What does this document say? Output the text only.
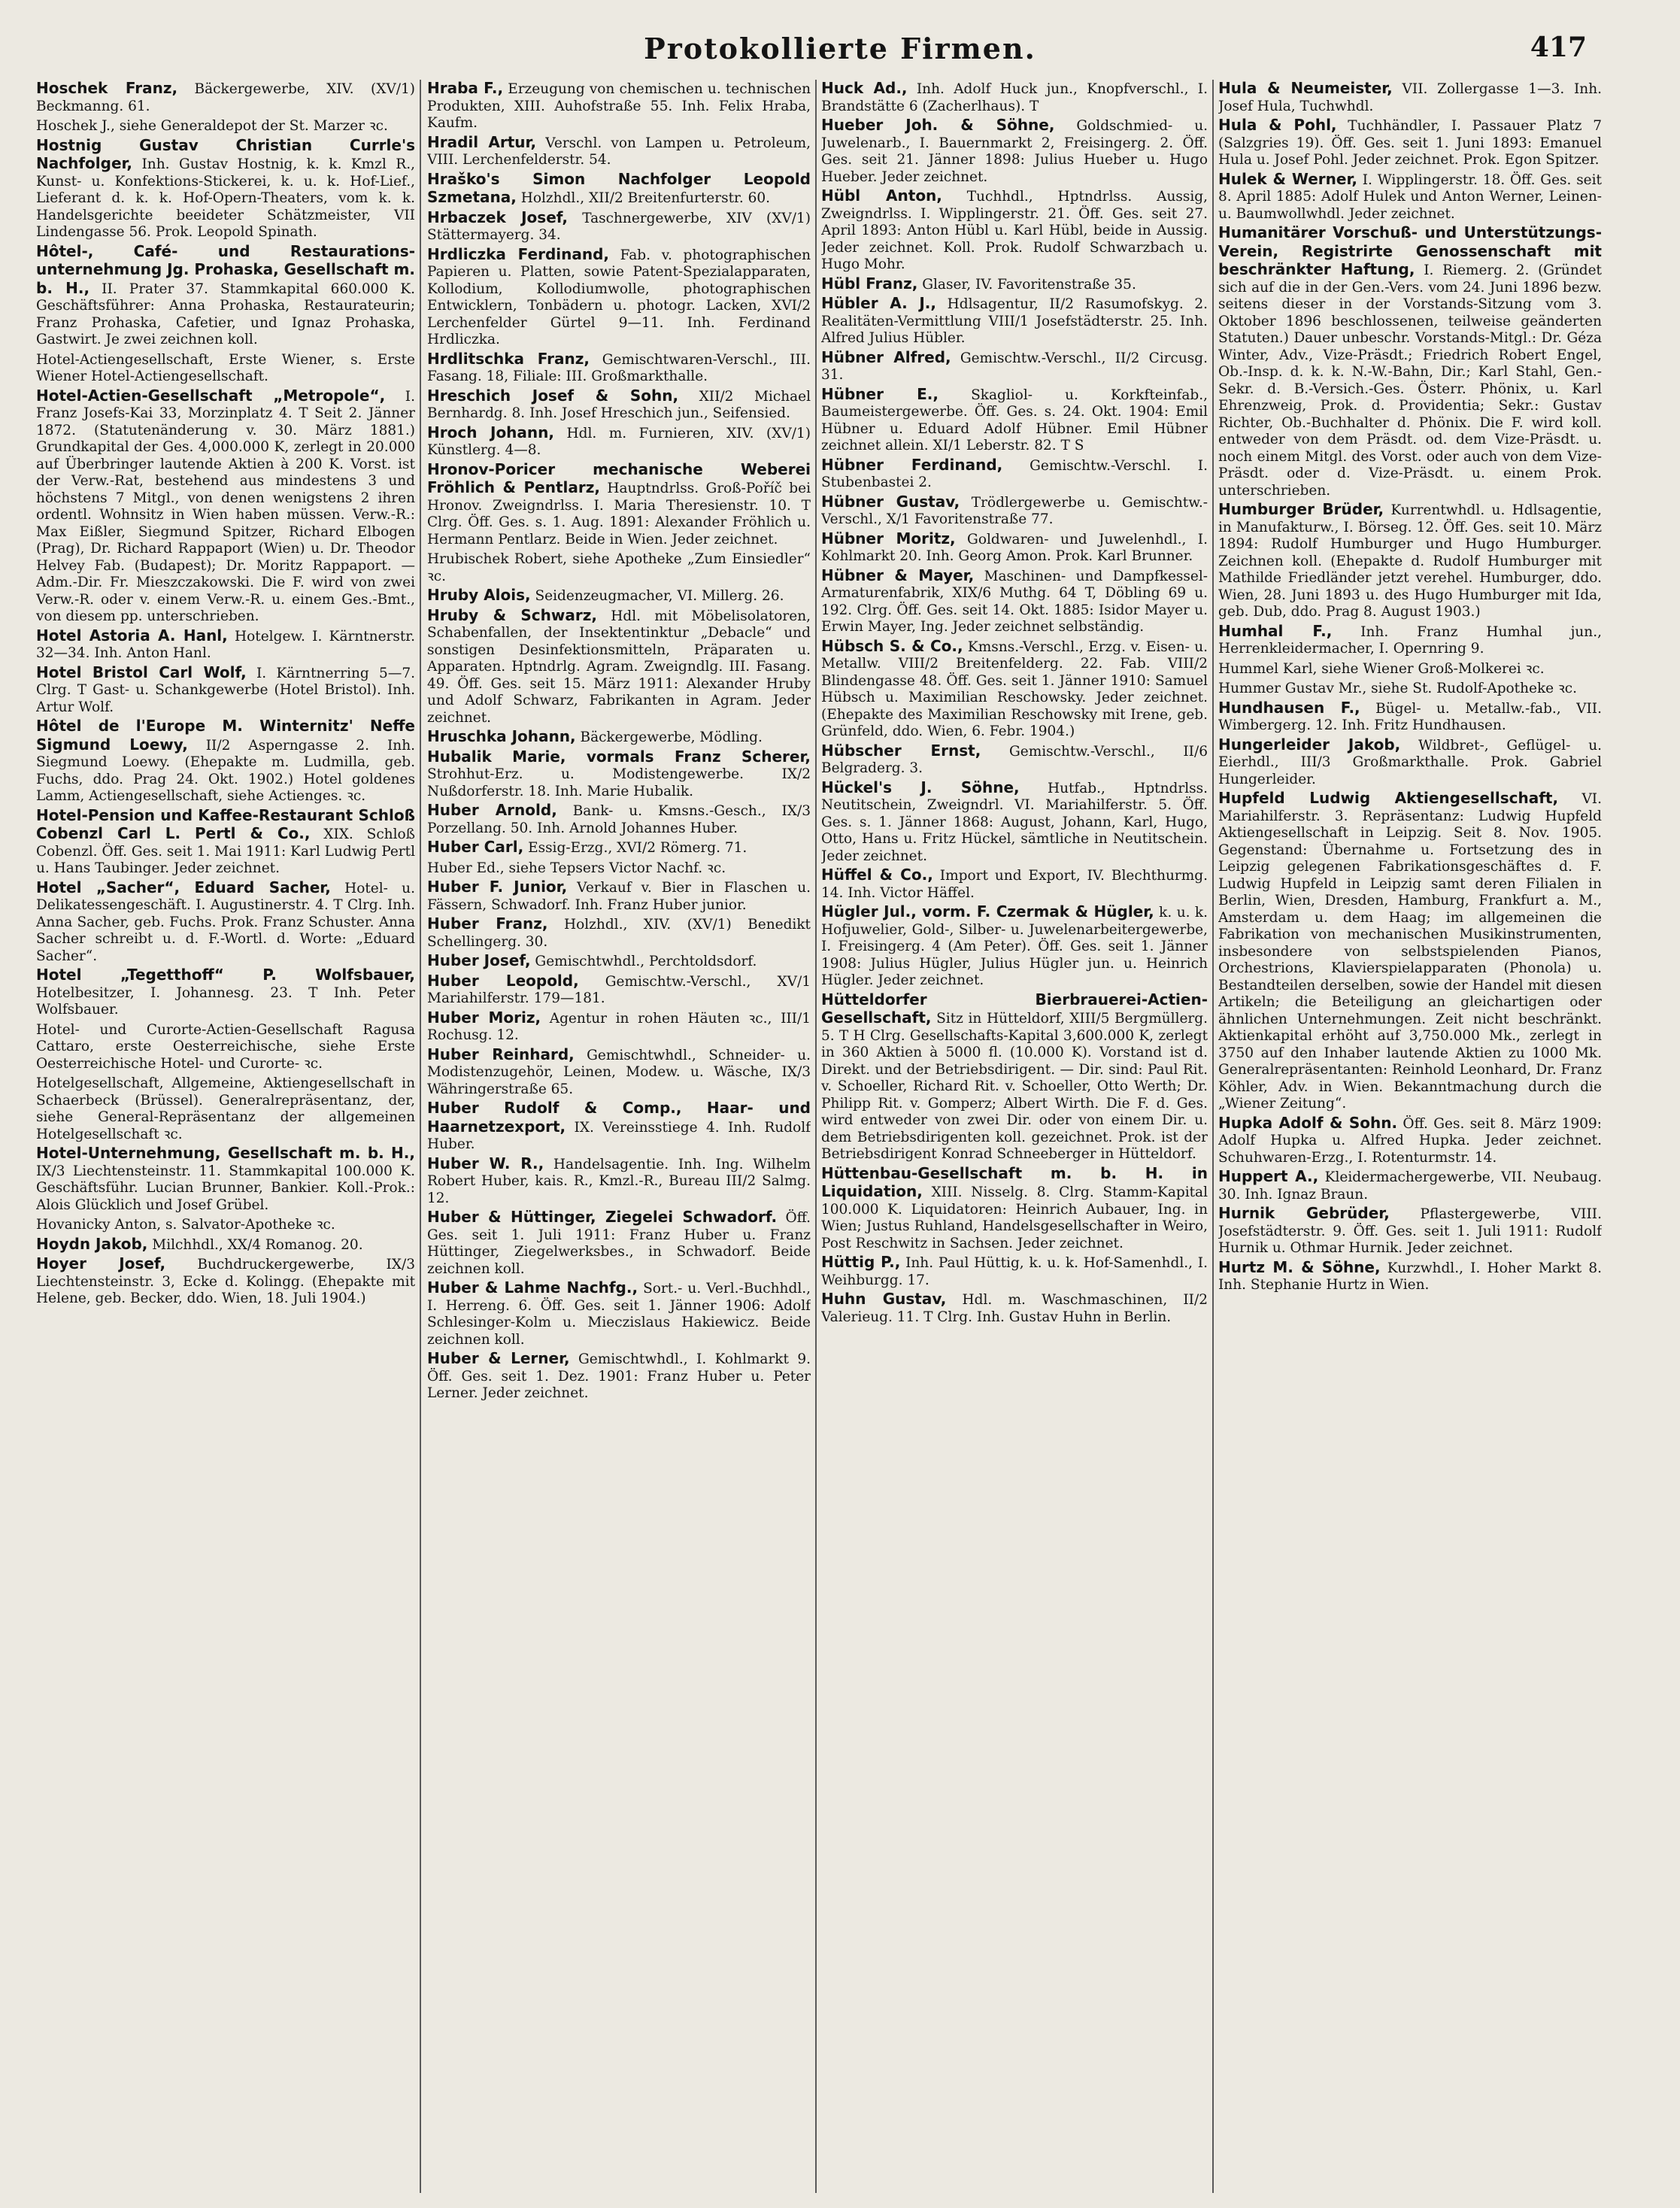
Protokollierte Firmen.	417

Hoschek Franz, Bäckergewerbe, XIV. (XV/1) Beckmanng. 61.

Hoschek J., siehe Generaldepot der St. Marzer ꝛc.

Hostnig Gustav Christian Currle's Nachfolger, Inh. Gustav Hostnig, k. k. Kmzl R., Kunst- u. Konfektions-Stickerei, k. u. k. Hof-Lief., Lieferant d. k. k. Hof-Opern-Theaters, vom k. k. Handelsgerichte beeideter Schätzmeister, VII Lindengasse 56. Prok. Leopold Spinath.

Hôtel-, Café- und Restaurations-unternehmung Jg. Prohaska, Gesellschaft m. b. H., II. Prater 37. Stammkapital 660.000 K. Geschäftsführer: Anna Prohaska, Restaurateurin; Franz Prohaska, Cafetier, und Ignaz Prohaska, Gastwirt. Je zwei zeichnen koll.

Hotel-Actiengesellschaft, Erste Wiener, s. Erste Wiener Hotel-Actiengesellschaft.

Hotel-Actien-Gesellschaft „Metropole“, I. Franz Josefs-Kai 33, Morzinplatz 4. T Seit 2. Jänner 1872. (Statutenänderung v. 30. März 1881.) Grundkapital der Ges. 4,000.000 K, zerlegt in 20.000 auf Überbringer lautende Aktien à 200 K. Vorst. ist der Verw.-Rat, bestehend aus mindestens 3 und höchstens 7 Mitgl., von denen wenigstens 2 ihren ordentl. Wohnsitz in Wien haben müssen. Verw.-R.: Max Eißler, Siegmund Spitzer, Richard Elbogen (Prag), Dr. Richard Rappaport (Wien) u. Dr. Theodor Helvey Fab. (Budapest); Dr. Moritz Rappaport. — Adm.-Dir. Fr. Mieszczakowski. Die F. wird von zwei Verw.-R. oder v. einem Verw.-R. u. einem Ges.-Bmt., von diesem pp. unterschrieben.

Hotel Astoria A. Hanl, Hotelgew. I. Kärntnerstr. 32—34. Inh. Anton Hanl.

Hotel Bristol Carl Wolf, I. Kärntnerring 5—7. Clrg. T Gast- u. Schankgewerbe (Hotel Bristol). Inh. Artur Wolf.

Hôtel de l'Europe M. Winternitz' Neffe Sigmund Loewy, II/2 Asperngasse 2. Inh. Siegmund Loewy. (Ehepakte m. Ludmilla, geb. Fuchs, ddo. Prag 24. Okt. 1902.) Hotel goldenes Lamm, Actiengesellschaft, siehe Actienges. ꝛc.

Hotel-Pension und Kaffee-Restaurant Schloß Cobenzl Carl L. Pertl & Co., XIX. Schloß Cobenzl. Öff. Ges. seit 1. Mai 1911: Karl Ludwig Pertl u. Hans Taubinger. Jeder zeichnet.

Hotel „Sacher“, Eduard Sacher, Hotel- u. Delikatessengeschäft. I. Augustinerstr. 4. T Clrg. Inh. Anna Sacher, geb. Fuchs. Prok. Franz Schuster. Anna Sacher schreibt u. d. F.-Wortl. d. Worte: „Eduard Sacher“.

Hotel „Tegetthoff“ P. Wolfsbauer, Hotelbesitzer, I. Johannesg. 23. T Inh. Peter Wolfsbauer.

Hotel- und Curorte-Actien-Gesellschaft Ragusa Cattaro, erste Oesterreichische, siehe Erste Oesterreichische Hotel- und Curorte- ꝛc.

Hotelgesellschaft, Allgemeine, Aktiengesellschaft in Schaerbeck (Brüssel). Generalrepräsentanz, der, siehe General-Repräsentanz der allgemeinen Hotelgesellschaft ꝛc.

Hotel-Unternehmung, Gesellschaft m. b. H., IX/3 Liechtensteinstr. 11. Stammkapital 100.000 K. Geschäftsführ. Lucian Brunner, Bankier. Koll.-Prok.: Alois Glücklich und Josef Grübel.

Hovanicky Anton, s. Salvator-Apotheke ꝛc.

Hoydn Jakob, Milchhdl., XX/4 Romanog. 20.

Hoyer Josef, Buchdruckergewerbe, IX/3 Liechtensteinstr. 3, Ecke d. Kolingg. (Ehepakte mit Helene, geb. Becker, ddo. Wien, 18. Juli 1904.)

Hraba F., Erzeugung von chemischen u. technischen Produkten, XIII. Auhofstraße 55. Inh. Felix Hraba, Kaufm.

Hradil Artur, Verschl. von Lampen u. Petroleum, VIII. Lerchenfelderstr. 54.

Hraško's Simon Nachfolger Leopold Szmetana, Holzhdl., XII/2 Breitenfurterstr. 60.

Hrbaczek Josef, Taschnergewerbe, XIV (XV/1) Stättermayerg. 34.

Hrdliczka Ferdinand, Fab. v. photographischen Papieren u. Platten, sowie Patent-Spezialapparaten, Kollodium, Kollodiumwolle, photographischen Entwicklern, Tonbädern u. photogr. Lacken, XVI/2 Lerchenfelder Gürtel 9—11. Inh. Ferdinand Hrdliczka.

Hrdlitschka Franz, Gemischtwaren-Verschl., III. Fasang. 18, Filiale: III. Großmarkthalle.

Hreschich Josef & Sohn, XII/2 Michael Bernhardg. 8. Inh. Josef Hreschich jun., Seifensied.

Hroch Johann, Hdl. m. Furnieren, XIV. (XV/1) Künstlerg. 4—8.

Hronov-Poricer mechanische Weberei Fröhlich & Pentlarz, Hauptndrlss. Groß-Poříč bei Hronov. Zweigndrlss. I. Maria Theresienstr. 10. T Clrg. Öff. Ges. s. 1. Aug. 1891: Alexander Fröhlich u. Hermann Pentlarz. Beide in Wien. Jeder zeichnet.

Hrubischek Robert, siehe Apotheke „Zum Einsiedler“ ꝛc.

Hruby Alois, Seidenzeugmacher, VI. Millerg. 26.

Hruby & Schwarz, Hdl. mit Möbelisolatoren, Schabenfallen, der Insektentinktur „Debacle“ und sonstigen Desinfektionsmitteln, Präparaten u. Apparaten. Hptndrlg. Agram. Zweigndlg. III. Fasang. 49. Öff. Ges. seit 15. März 1911: Alexander Hruby und Adolf Schwarz, Fabrikanten in Agram. Jeder zeichnet.

Hruschka Johann, Bäckergewerbe, Mödling.

Hubalik Marie, vormals Franz Scherer, Strohhut-Erz. u. Modistengewerbe. IX/2 Nußdorferstr. 18. Inh. Marie Hubalik.

Huber Arnold, Bank- u. Kmsns.-Gesch., IX/3 Porzellang. 50. Inh. Arnold Johannes Huber.

Huber Carl, Essig-Erzg., XVI/2 Römerg. 71.

Huber Ed., siehe Tepsers Victor Nachf. ꝛc.

Huber F. Junior, Verkauf v. Bier in Flaschen u. Fässern, Schwadorf. Inh. Franz Huber junior.

Huber Franz, Holzhdl., XIV. (XV/1) Benedikt Schellingerg. 30.

Huber Josef, Gemischtwhdl., Perchtoldsdorf.

Huber Leopold, Gemischtw.-Verschl., XV/1 Mariahilferstr. 179—181.

Huber Moriz, Agentur in rohen Häuten ꝛc., III/1 Rochusg. 12.

Huber Reinhard, Gemischtwhdl., Schneider- u. Modistenzugehör, Leinen, Modew. u. Wäsche, IX/3 Währingerstraße 65.

Huber Rudolf & Comp., Haar- und Haarnetzexport, IX. Vereinsstiege 4. Inh. Rudolf Huber.

Huber W. R., Handelsagentie. Inh. Ing. Wilhelm Robert Huber, kais. R., Kmzl.-R., Bureau III/2 Salmg. 12.

Huber & Hüttinger, Ziegelei Schwadorf. Öff. Ges. seit 1. Juli 1911: Franz Huber u. Franz Hüttinger, Ziegelwerksbes., in Schwadorf. Beide zeichnen koll.

Huber & Lahme Nachfg., Sort.- u. Verl.-Buchhdl., I. Herreng. 6. Öff. Ges. seit 1. Jänner 1906: Adolf Schlesinger-Kolm u. Mieczislaus Hakiewicz. Beide zeichnen koll.

Huber & Lerner, Gemischtwhdl., I. Kohlmarkt 9. Öff. Ges. seit 1. Dez. 1901: Franz Huber u. Peter Lerner. Jeder zeichnet.

Huck Ad., Inh. Adolf Huck jun., Knopfverschl., I. Brandstätte 6 (Zacherlhaus). T

Hueber Joh. & Söhne, Goldschmied- u. Juwelenarb., I. Bauernmarkt 2, Freisingerg. 2. Öff. Ges. seit 21. Jänner 1898: Julius Hueber u. Hugo Hueber. Jeder zeichnet.

Hübl Anton, Tuchhdl., Hptndrlss. Aussig, Zweigndrlss. I. Wipplingerstr. 21. Öff. Ges. seit 27. April 1893: Anton Hübl u. Karl Hübl, beide in Aussig. Jeder zeichnet. Koll. Prok. Rudolf Schwarzbach u. Hugo Mohr.

Hübl Franz, Glaser, IV. Favoritenstraße 35.

Hübler A. J., Hdlsagentur, II/2 Rasumofskyg. 2. Realitäten-Vermittlung VIII/1 Josefstädterstr. 25. Inh. Alfred Julius Hübler.

Hübner Alfred, Gemischtw.-Verschl., II/2 Circusg. 31.

Hübner E., Skagliol- u. Korkfteinfab., Baumeistergewerbe. Öff. Ges. s. 24. Okt. 1904: Emil Hübner u. Eduard Adolf Hübner. Emil Hübner zeichnet allein. XI/1 Leberstr. 82. T S

Hübner Ferdinand, Gemischtw.-Verschl. I. Stubenbastei 2.

Hübner Gustav, Trödlergewerbe u. Gemischtw.-Verschl., X/1 Favoritenstraße 77.

Hübner Moritz, Goldwaren- und Juwelenhdl., I. Kohlmarkt 20. Inh. Georg Amon. Prok. Karl Brunner.

Hübner & Mayer, Maschinen- und Dampfkessel-Armaturenfabrik, XIX/6 Muthg. 64 T, Döbling 69 u. 192. Clrg. Öff. Ges. seit 14. Okt. 1885: Isidor Mayer u. Erwin Mayer, Ing. Jeder zeichnet selbständig.

Hübsch S. & Co., Kmsns.-Verschl., Erzg. v. Eisen- u. Metallw. VIII/2 Breitenfelderg. 22. Fab. VIII/2 Blindengasse 48. Öff. Ges. seit 1. Jänner 1910: Samuel Hübsch u. Maximilian Reschowsky. Jeder zeichnet. (Ehepakte des Maximilian Reschowsky mit Irene, geb. Grünfeld, ddo. Wien, 6. Febr. 1904.)

Hübscher Ernst, Gemischtw.-Verschl., II/6 Belgraderg. 3.

Hückel's J. Söhne, Hutfab., Hptndrlss. Neutitschein, Zweigndrl. VI. Mariahilferstr. 5. Öff. Ges. s. 1. Jänner 1868: August, Johann, Karl, Hugo, Otto, Hans u. Fritz Hückel, sämtliche in Neutitschein. Jeder zeichnet.

Hüffel & Co., Import und Export, IV. Blechthurmg. 14. Inh. Victor Häffel.

Hügler Jul., vorm. F. Czermak & Hügler, k. u. k. Hofjuwelier, Gold-, Silber- u. Juwelenarbeitergewerbe, I. Freisingerg. 4 (Am Peter). Öff. Ges. seit 1. Jänner 1908: Julius Hügler, Julius Hügler jun. u. Heinrich Hügler. Jeder zeichnet.

Hütteldorfer Bierbrauerei-Actien-Gesellschaft, Sitz in Hütteldorf, XIII/5 Bergmüllerg. 5. T H Clrg. Gesellschafts-Kapital 3,600.000 K, zerlegt in 360 Aktien à 5000 fl. (10.000 K). Vorstand ist d. Direkt. und der Betriebsdirigent. — Dir. sind: Paul Rit. v. Schoeller, Richard Rit. v. Schoeller, Otto Werth; Dr. Philipp Rit. v. Gomperz; Albert Wirth. Die F. d. Ges. wird entweder von zwei Dir. oder von einem Dir. u. dem Betriebsdirigenten koll. gezeichnet. Prok. ist der Betriebsdirigent Konrad Schneeberger in Hütteldorf.

Hüttenbau-Gesellschaft m. b. H. in Liquidation, XIII. Nisselg. 8. Clrg. Stamm-Kapital 100.000 K. Liquidatoren: Heinrich Aubauer, Ing. in Wien; Justus Ruhland, Handelsgesellschafter in Weiro, Post Reschwitz in Sachsen. Jeder zeichnet.

Hüttig P., Inh. Paul Hüttig, k. u. k. Hof-Samenhdl., I. Weihburgg. 17.

Huhn Gustav, Hdl. m. Waschmaschinen, II/2 Valerieug. 11. T Clrg. Inh. Gustav Huhn in Berlin.

Hula & Neumeister, VII. Zollergasse 1—3. Inh. Josef Hula, Tuchwhdl.

Hula & Pohl, Tuchhändler, I. Passauer Platz 7 (Salzgries 19). Öff. Ges. seit 1. Juni 1893: Emanuel Hula u. Josef Pohl. Jeder zeichnet. Prok. Egon Spitzer.

Hulek & Werner, I. Wipplingerstr. 18. Öff. Ges. seit 8. April 1885: Adolf Hulek und Anton Werner, Leinen- u. Baumwollwhdl. Jeder zeichnet.

Humanitärer Vorschuß- und Unterstützungs-Verein, Registrirte Genossenschaft mit beschränkter Haftung, I. Riemerg. 2. (Gründet sich auf die in der Gen.-Vers. vom 24. Juni 1896 bezw. seitens dieser in der Vorstands-Sitzung vom 3. Oktober 1896 beschlossenen, teilweise geänderten Statuten.) Dauer unbeschr. Vorstands-Mitgl.: Dr. Géza Winter, Adv., Vize-Präsdt.; Friedrich Robert Engel, Ob.-Insp. d. k. k. N.-W.-Bahn, Dir.; Karl Stahl, Gen.-Sekr. d. B.-Versich.-Ges. Österr. Phönix, u. Karl Ehrenzweig, Prok. d. Providentia; Sekr.: Gustav Richter, Ob.-Buchhalter d. Phönix. Die F. wird koll. entweder von dem Präsdt. od. dem Vize-Präsdt. u. noch einem Mitgl. des Vorst. oder auch von dem Vize-Präsdt. oder d. Vize-Präsdt. u. einem Prok. unterschrieben.

Humburger Brüder, Kurrentwhdl. u. Hdlsagentie, in Manufakturw., I. Börseg. 12. Öff. Ges. seit 10. März 1894: Rudolf Humburger und Hugo Humburger. Zeichnen koll. (Ehepakte d. Rudolf Humburger mit Mathilde Friedländer jetzt verehel. Humburger, ddo. Wien, 28. Juni 1893 u. des Hugo Humburger mit Ida, geb. Dub, ddo. Prag 8. August 1903.)

Humhal F., Inh. Franz Humhal jun., Herrenkleidermacher, I. Opernring 9.

Hummel Karl, siehe Wiener Groß-Molkerei ꝛc.

Hummer Gustav Mr., siehe St. Rudolf-Apotheke ꝛc.

Hundhausen F., Bügel- u. Metallw.-fab., VII. Wimbergerg. 12. Inh. Fritz Hundhausen.

Hungerleider Jakob, Wildbret-, Geflügel- u. Eierhdl., III/3 Großmarkthalle. Prok. Gabriel Hungerleider.

Hupfeld Ludwig Aktiengesellschaft, VI. Mariahilferstr. 3. Repräsentanz: Ludwig Hupfeld Aktiengesellschaft in Leipzig. Seit 8. Nov. 1905. Gegenstand: Übernahme u. Fortsetzung des in Leipzig gelegenen Fabrikationsgeschäftes d. F. Ludwig Hupfeld in Leipzig samt deren Filialen in Berlin, Wien, Dresden, Hamburg, Frankfurt a. M., Amsterdam u. dem Haag; im allgemeinen die Fabrikation von mechanischen Musikinstrumenten, insbesondere von selbstspielenden Pianos, Orchestrions, Klavierspielapparaten (Phonola) u. Bestandteilen derselben, sowie der Handel mit diesen Artikeln; die Beteiligung an gleichartigen oder ähnlichen Unternehmungen. Zeit nicht beschränkt. Aktienkapital erhöht auf 3,750.000 Mk., zerlegt in 3750 auf den Inhaber lautende Aktien zu 1000 Mk. Generalrepräsentanten: Reinhold Leonhard, Dr. Franz Köhler, Adv. in Wien. Bekanntmachung durch die „Wiener Zeitung“.

Hupka Adolf & Sohn. Öff. Ges. seit 8. März 1909: Adolf Hupka u. Alfred Hupka. Jeder zeichnet. Schuhwaren-Erzg., I. Rotenturmstr. 14.

Huppert A., Kleidermachergewerbe, VII. Neubaug. 30. Inh. Ignaz Braun.

Hurnik Gebrüder, Pflastergewerbe, VIII. Josefstädterstr. 9. Öff. Ges. seit 1. Juli 1911: Rudolf Hurnik u. Othmar Hurnik. Jeder zeichnet.

Hurtz M. & Söhne, Kurzwhdl., I. Hoher Markt 8. Inh. Stephanie Hurtz in Wien.
